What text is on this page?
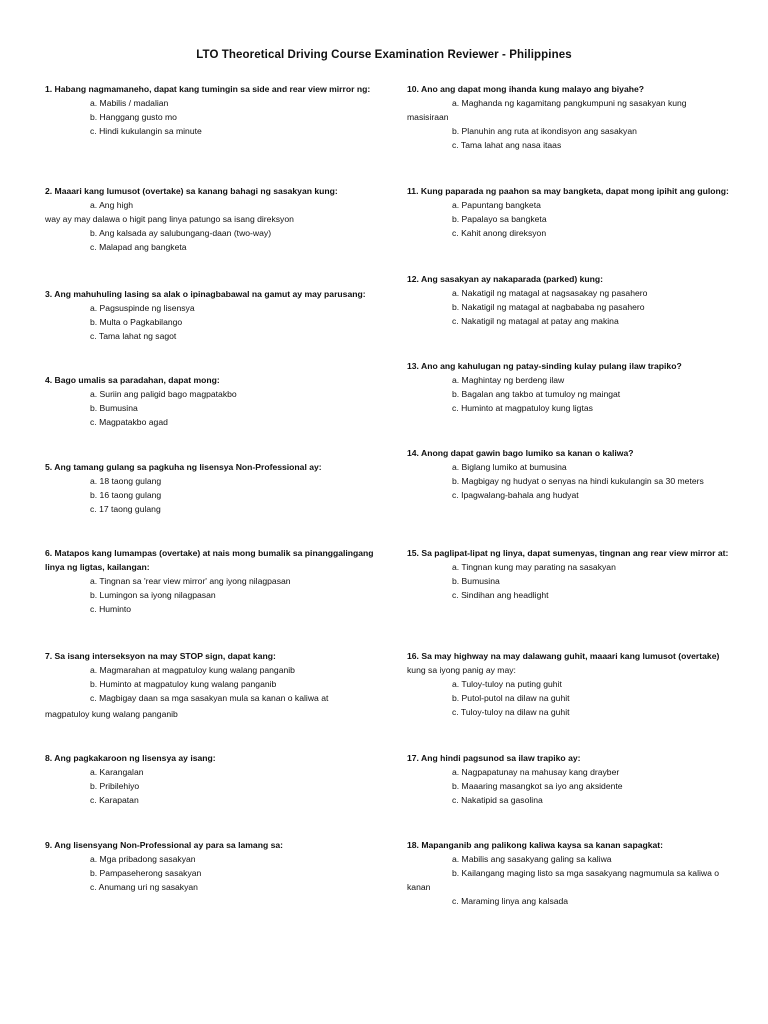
LTO Theoretical Driving Course Examination Reviewer - Philippines
1. Habang nagmamaneho, dapat kang tumingin sa side and rear view mirror ng:
a. Mabilis / madalian
b. Hanggang gusto mo
c. Hindi kukulangin sa minute
2. Maaari kang lumusot (overtake) sa kanang bahagi ng sasakyan kung:
a. Ang high
way ay may dalawa o higit pang linya patungo sa isang direksyon
b. Ang kalsada ay salubungang-daan (two-way)
c. Malapad ang bangketa
3. Ang mahuhuling lasing sa alak o ipinagbabawal na gamut ay may parusang:
a. Pagsuspinde ng lisensya
b. Multa o Pagkabilango
c. Tama lahat ng sagot
4. Bago umalis sa paradahan, dapat mong:
a. Suriin ang paligid bago magpatakbo
b. Bumusina
c. Magpatakbo agad
5. Ang tamang gulang sa pagkuha ng lisensya Non-Professional ay:
a. 18 taong gulang
b. 16 taong gulang
c. 17 taong gulang
6. Matapos kang lumampas (overtake) at nais mong bumalik sa pinanggalingang linya ng ligtas, kailangan:
a. Tingnan sa 'rear view mirror' ang iyong nilagpasan
b. Lumingon sa iyong nilagpasan
c. Huminto
7. Sa isang interseksyon na may STOP sign, dapat kang:
a. Magmarahan at magpatuloy kung walang panganib
b. Huminto at magpatuloy kung walang panganib
c. Magbigay daan sa mga sasakyan mula sa kanan o kaliwa at
magpatuloy kung walang panganib
8. Ang pagkakaroon ng lisensya ay isang:
a. Karangalan
b. Pribilehiyo
c. Karapatan
9. Ang lisensyang Non-Professional ay para sa lamang sa:
a. Mga pribadong sasakyan
b. Pampaseherong sasakyan
c. Anumang uri ng sasakyan
10. Ano ang dapat mong ihanda kung malayo ang biyahe?
a. Maghanda ng kagamitang pangkumpuni ng sasakyan kung
masisiraan
b. Planuhin ang ruta at ikondisyon ang sasakyan
c. Tama lahat ang nasa itaas
11. Kung paparada ng paahon sa may bangketa, dapat mong ipihit ang gulong:
a. Papuntang bangketa
b. Papalayo sa bangketa
c. Kahit anong direksyon
12. Ang sasakyan ay nakaparada (parked) kung:
a. Nakatigil ng matagal at nagsasakay ng pasahero
b. Nakatigil ng matagal at nagbababa ng pasahero
c. Nakatigil ng matagal at patay ang makina
13. Ano ang kahulugan ng patay-sinding kulay pulang ilaw trapiko?
a. Maghintay ng berdeng ilaw
b. Bagalan ang takbo at tumuloy ng maingat
c. Huminto at magpatuloy kung ligtas
14. Anong dapat gawin bago lumiko sa kanan o kaliwa?
a. Biglang lumiko at bumusina
b. Magbigay ng hudyat o senyas na hindi kukulangin sa 30 meters
c. Ipagwalang-bahala ang hudyat
15. Sa paglipat-lipat ng linya, dapat sumenyas, tingnan ang rear view mirror at:
a. Tingnan kung may parating na sasakyan
b. Bumusina
c. Sindihan ang headlight
16. Sa may highway na may dalawang guhit, maaari kang lumusot (overtake)
kung sa iyong panig ay may:
a. Tuloy-tuloy na puting guhit
b. Putol-putol na dilaw na guhit
c. Tuloy-tuloy na dilaw na guhit
17. Ang hindi pagsunod sa ilaw trapiko ay:
a. Nagpapatunay na mahusay kang drayber
b. Maaaring masangkot sa iyo ang aksidente
c. Nakatipid sa gasolina
18. Mapanganib ang palikong kaliwa kaysa sa kanan sapagkat:
a. Mabilis ang sasakyang galing sa kaliwa
b. Kailangang maging listo sa mga sasakyang nagmumula sa kaliwa o
kanan
c. Maraming linya ang kalsada
